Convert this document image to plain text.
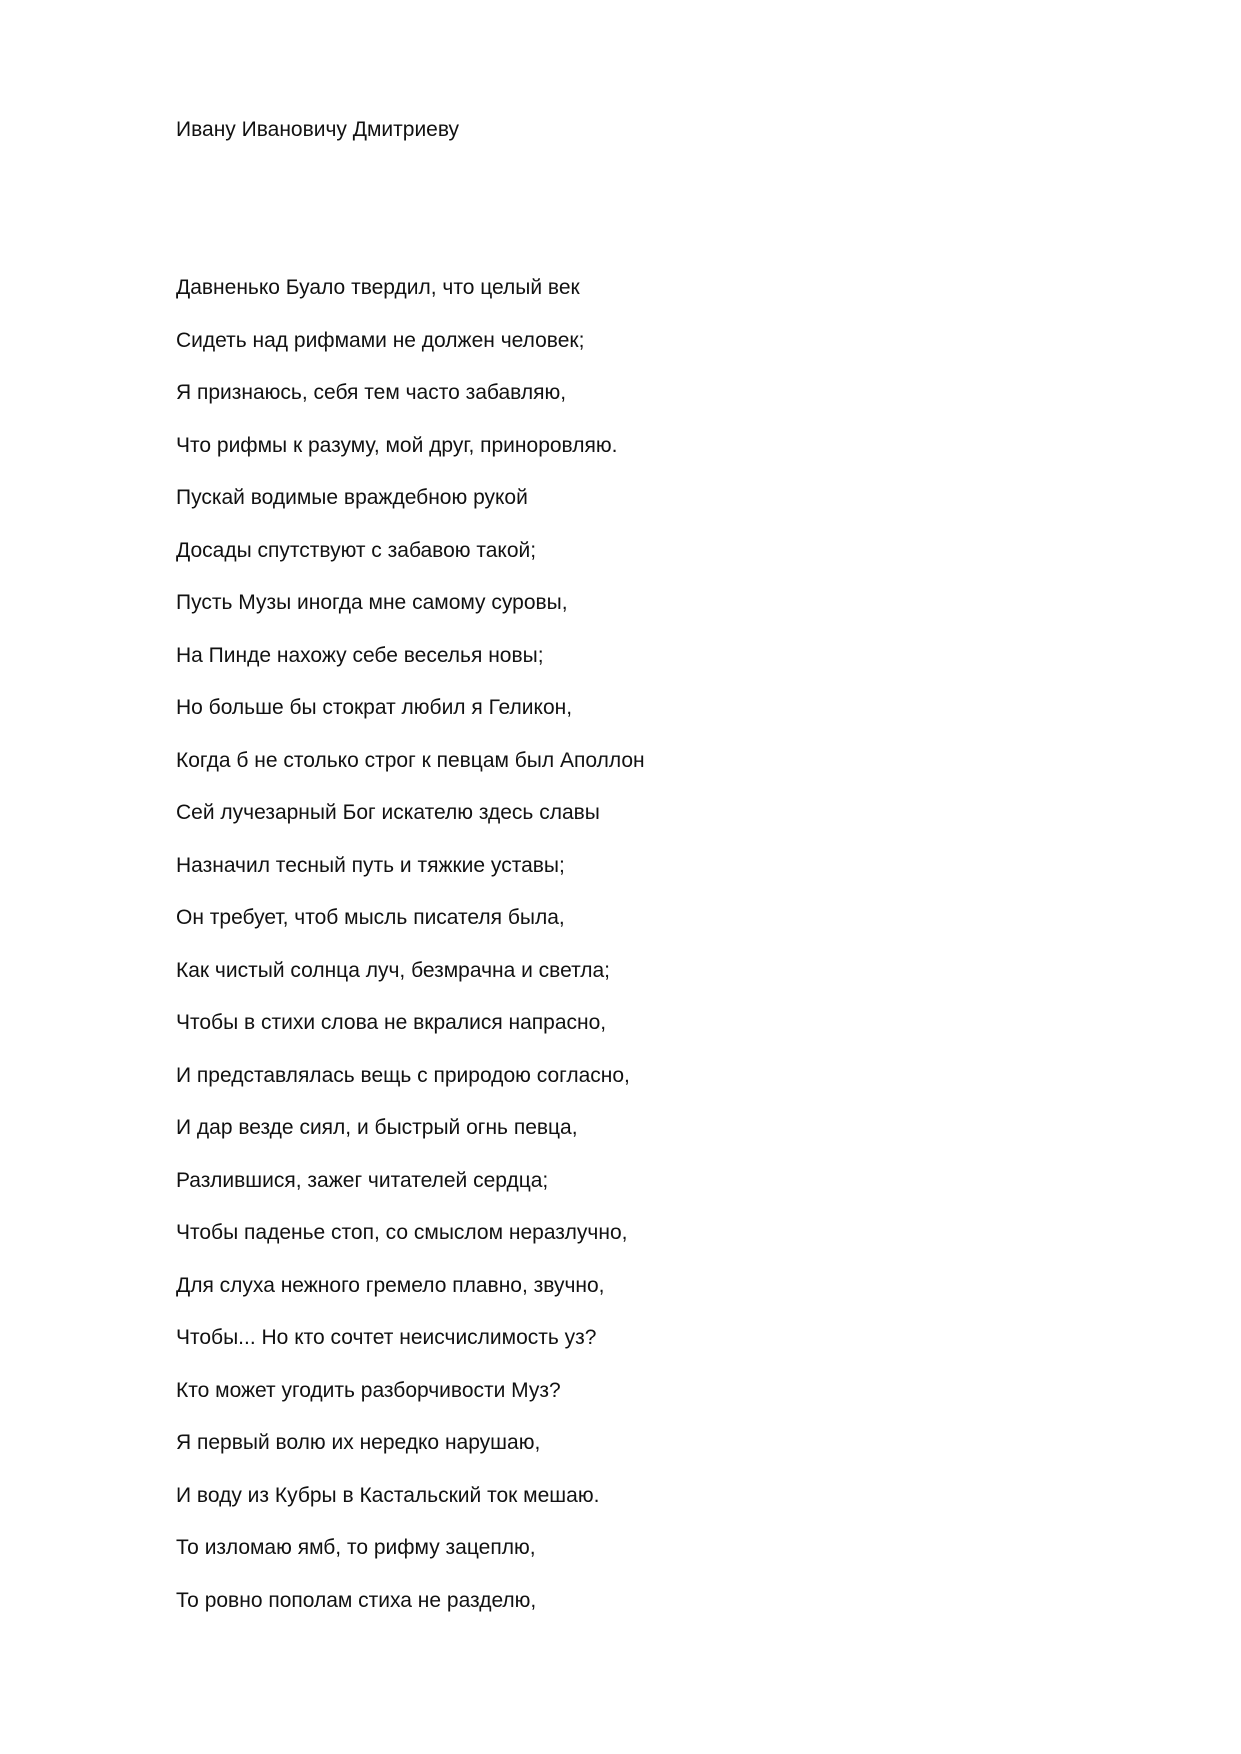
Ивану Ивановичу Дмитриеву

Давненько Буало твердил, что целый век
Сидеть над рифмами не должен человек;
Я признаюсь, себя тем часто забавляю,
Что рифмы к разуму, мой друг, приноровляю.
Пускай водимые враждебною рукой
Досады спутствуют с забавою такой;
Пусть Музы иногда мне самому суровы,
На Пинде нахожу себе веселья новы;
Но больше бы стократ любил я Геликон,
Когда б не столько строг к певцам был Аполлон
Сей лучезарный Бог искателю здесь славы
Назначил тесный путь и тяжкие уставы;
Он требует, чтоб мысль писателя была,
Как чистый солнца луч, безмрачна и светла;
Чтобы в стихи слова не вкралися напрасно,
И представлялась вещь с природою согласно,
И дар везде сиял, и быстрый огнь певца,
Разлившися, зажег читателей сердца;
Чтобы паденье стоп, со смыслом неразлучно,
Для слуха нежного гремело плавно, звучно,
Чтобы... Но кто сочтет неисчислимость уз?
Кто может угодить разборчивости Муз?
Я первый волю их нередко нарушаю,
И воду из Кубры в Кастальский ток мешаю.
То изломаю ямб, то рифму зацеплю,
То ровно пополам стиха не разделю,
